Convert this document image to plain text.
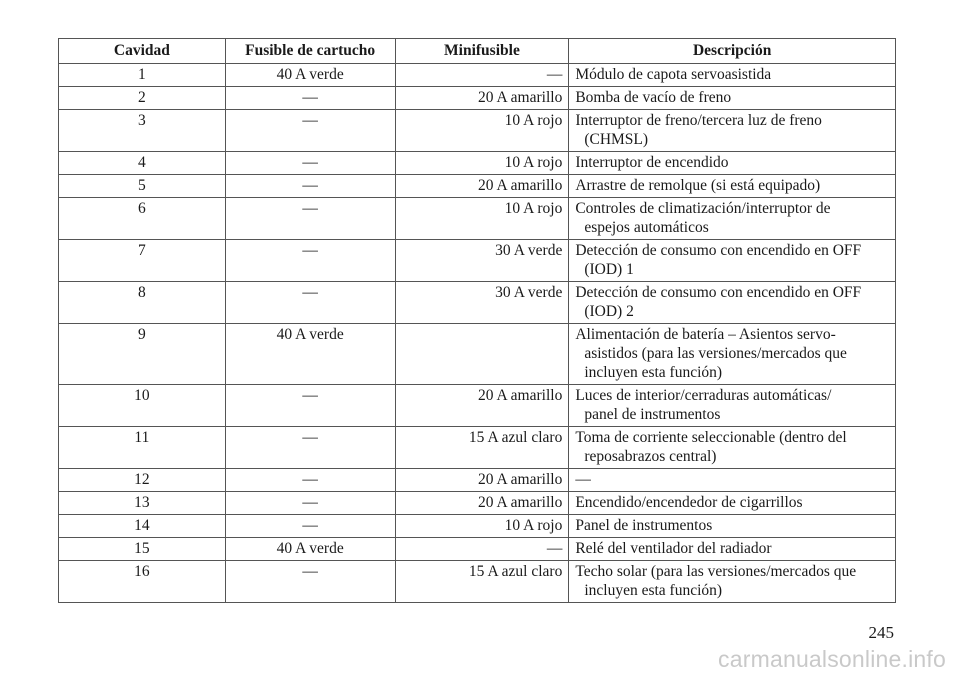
Cavidad	Fusible de cartucho	Minifusible	Descripción
1	40 A verde	—	Módulo de capota servoasistida

2	—	20 A amarillo	Bomba de vacío de freno

3	—	10 A rojo	Interruptor de freno/tercera luz de freno
(CHMSL)

4	—	10 A rojo	Interruptor de encendido

5	—	20 A amarillo	Arrastre de remolque (si está equipado)

6	—	10 A rojo	Controles de climatización/interruptor de
espejos automáticos

7	—	30 A verde	Detección de consumo con encendido en OFF
(IOD) 1

8	—	30 A verde	Detección de consumo con encendido en OFF
(IOD) 2

9	40 A verde		Alimentación de batería – Asientos servo-
asistidos (para las versiones/mercados que
incluyen esta función)

10	—	20 A amarillo	Luces de interior/cerraduras automáticas/
panel de instrumentos

11	—	15 A azul claro	Toma de corriente seleccionable (dentro del
reposabrazos central)

12	—	20 A amarillo	—

13	—	20 A amarillo	Encendido/encendedor de cigarrillos

14	—	10 A rojo	Panel de instrumentos

15	40 A verde	—	Relé del ventilador del radiador

16	—	15 A azul claro	Techo solar (para las versiones/mercados que
incluyen esta función)
245
carmanualsonline.info
